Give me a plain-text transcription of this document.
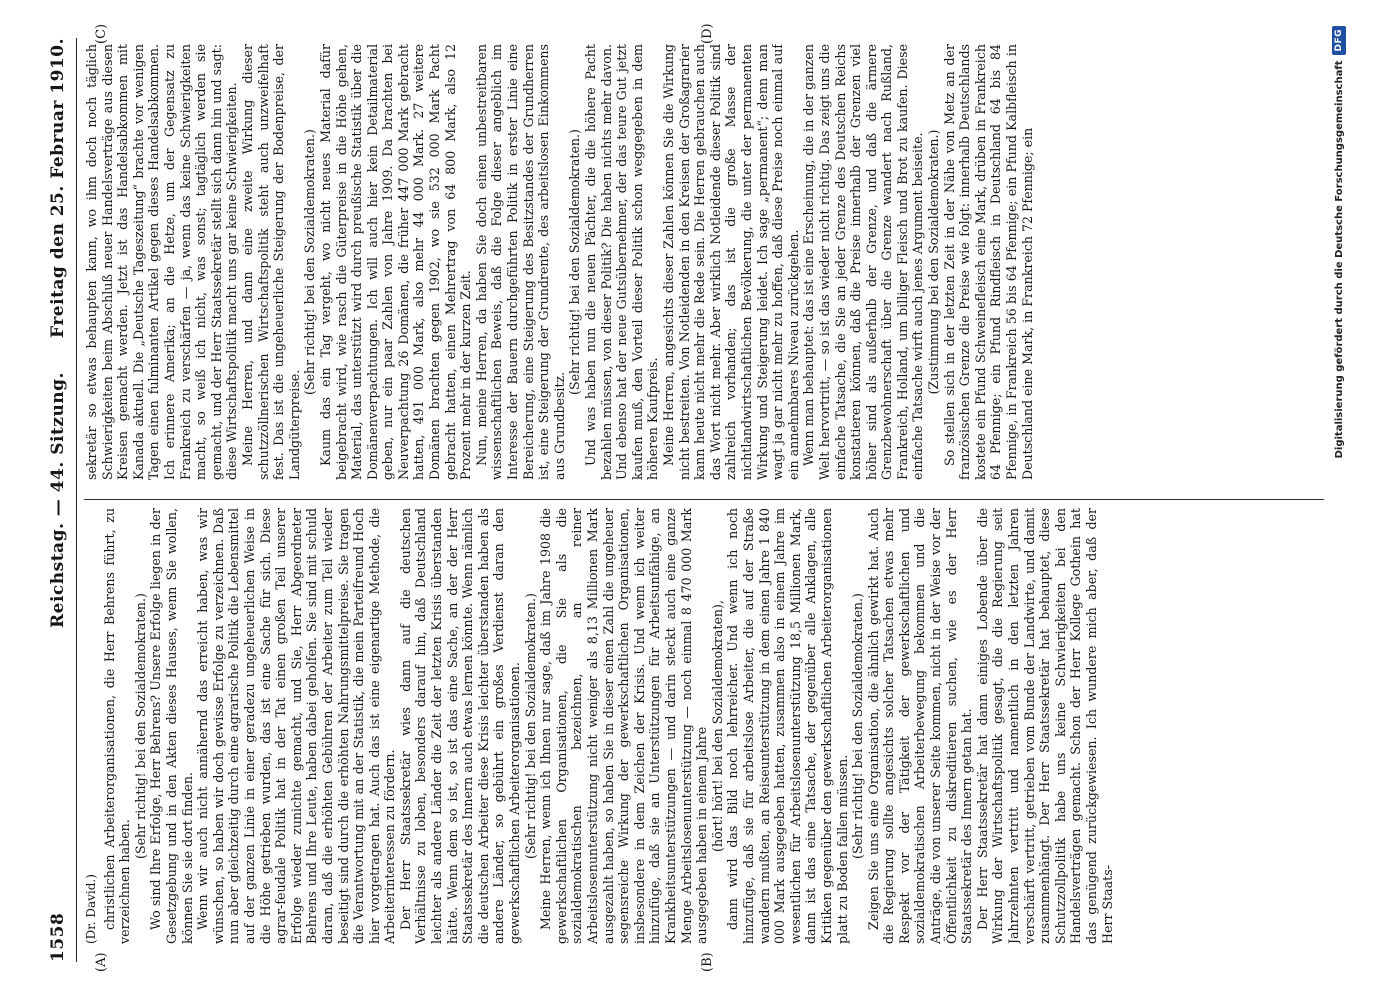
1558
Reichstag. — 44. Sitzung.
Freitag den 25. Februar 1910.
(A)	(B)
(C)	(D)
(Dr. David.) christlichen Arbeiterorganisationen, die Herr Behrens führt, zu verzeichnen haben.

(Sehr richtig! bei den Sozialdemokraten.) Wo sind Ihre Erfolge, Herr Behrens? Unsere Erfolge liegen in der Gesetzgebung und in den Akten dieses Hauses, wenn Sie wollen, können Sie sie dort finden. Wenn wir auch nicht annähernd das erreicht haben, was wir wünschen, so haben wir doch gewisse Erfolge zu verzeichnen. Daß nun aber gleichzeitig durch eine agrarische Politik die Lebensmittel auf der ganzen Linie in einer geradezu ungeheuerlichen Weise in die Höhe getrieben wurden, das ist eine Sache für sich. Diese agrar-feudale Politik hat in der Tat einen großen Teil unserer Erfolge wieder zunichte gemacht, und Sie, Herr Abgeordneter Behrens und Ihre Leute, haben dabei geholfen. Sie sind mit schuld daran, daß die erhöhten Gebühren der Arbeiter zum Teil wieder beseitigt sind durch die erhöhten Nahrungsmittelpreise. Sie tragen die Verantwortung mit an der Statistik, die mein Parteifreund Hoch hier vorgetragen hat. Auch das ist eine eigenartige Methode, die Arbeiterinteressen zu fördern. Der Herr Staatssekretär wies dann auf die deutschen Verhältnisse zu loben, besonders darauf hin, daß Deutschland leichter als andere Länder die Zeit der letzten Krisis überstanden hätte. Wenn dem so ist, so ist das eine Sache, an der der Herr Staatssekretär des Innern auch etwas lernen könnte. Wenn nämlich die deutschen Arbeiter diese Krisis leichter überstanden haben als andere Länder, so gebührt ein großes Verdienst daran den gewerkschaftlichen Arbeiterorganisationen. (Sehr richtig! bei den Sozialdemokraten.) Meine Herren, wenn ich Ihnen nur sage, daß im Jahre 1908 die gewerkschaftlichen Organisationen, die Sie als die sozialdemokratischen bezeichnen, an reiner Arbeitslosenunterstützung nicht weniger als 8,13 Millionen Mark ausgezahlt haben, so haben Sie in dieser einen Zahl die ungeheuer segensreiche Wirkung der gewerkschaftlichen Organisationen, insbesondere in dem Zeichen der Krisis. Und wenn ich weiter hinzufüge, daß sie an Unterstützungen für Arbeitsunfähige, an Krankheitsunterstützungen — und darin steckt auch eine ganze Menge Arbeitslosenunterstützung — noch einmal 8 470 000 Mark ausgegeben haben in einem Jahre (hört! hört! bei den Sozialdemokraten), dann wird das Bild noch lehrreicher. Und wenn ich noch hinzufüge, daß sie für arbeitslose Arbeiter, die auf der Straße wandern mußten, an Reiseunterstützung in dem einen Jahre 1 840 000 Mark ausgegeben hatten, zusammen also in einem Jahre im wesentlichen für Arbeitslosenunterstützung 18,5 Millionen Mark, dann ist das eine Tatsache, der gegenüber alle Anklagen, alle Kritiken gegenüber den gewerkschaftlichen Arbeiterorganisationen platt zu Boden fallen müssen. (Sehr richtig! bei den Sozialdemokraten.) Zeigen Sie uns eine Organisation, die ähnlich gewirkt hat. Auch die Regierung sollte angesichts solcher Tatsachen etwas mehr Respekt vor der Tätigkeit der gewerkschaftlichen und sozialdemokratischen Arbeiterbewegung bekommen und die Anträge, die von unserer Seite kommen, nicht in der Weise vor der Öffentlichkeit zu diskreditieren suchen, wie es der Herr Staatssekretär des Innern getan hat. Der Herr Staatssekretär hat dann einiges Lobende über die Wirkung der Wirtschaftspolitik gesagt, die die Regierung seit Jahrzehnten vertritt und namentlich in den letzten Jahren verschärft vertritt, getrieben vom Bunde der Landwirte, und damit zusammenhängt. Der Herr Staatssekretär hat behauptet, diese Schutzzollpolitik habe uns keine Schwierigkeiten bei den Handelsverträgen gemacht. Schon der Herr Kollege Gothein hat das genügend zurückgewiesen. Ich wundere mich aber, daß der Herr Staats-

sekretär so etwas behaupten kann, wo ihm doch noch täglich Schwierigkeiten beim Abschluß neuer Handelsverträge aus diesen Kreisen gemacht werden. Jetzt ist das Handelsabkommen mit Kanada aktuell. Die „Deutsche Tageszeitung“ brachte vor wenigen Tagen einen fulminanten Artikel gegen dieses Handelsabkommen. Ich erinnere Amerika; an die Hetze, um der Gegensatz zu Frankreich zu verschärfen — ja, wenn das keine Schwierigkeiten macht, so weiß ich nicht, was sonst; tagtäglich werden sie gemacht, und der Herr Staatssekretär stellt sich dann hin und sagt: diese Wirtschaftspolitik macht uns gar keine Schwierigkeiten. Meine Herren, und dann eine zweite Wirkung dieser schutzzöllnerischen Wirtschaftspolitik steht auch unzweifelhaft fest. Das ist die ungeheuerliche Steigerung der Bodenpreise, der Landgüterpreise.

(Sehr richtig! bei den Sozialdemokraten.) Kaum das ein Tag vergeht, wo nicht neues Material dafür beigebracht wird, wie rasch die Güterpreise in die Höhe gehen, Material, das unterstützt wird durch preußische Statistik über die Domänenverpachtungen. Ich will auch hier kein Detailmaterial geben, nur ein paar Zahlen von Jahre 1909. Da brachten bei Neuverpachtung 26 Domänen, die früher 447 000 Mark gebracht hatten, 491 000 Mark, also mehr 44 000 Mark. 27 weitere Domänen brachten gegen 1902, wo sie 532 000 Mark Pacht gebracht hatten, einen Mehrertrag von 64 800 Mark, also 12 Prozent mehr in der kurzen Zeit. Nun, meine Herren, da haben Sie doch einen unbestreitbaren wissenschaftlichen Beweis, daß die Folge dieser angeblich im Interesse der Bauern durchgeführten Politik in erster Linie eine Bereicherung, eine Steigerung des Besitzstandes der Grundherren ist, eine Steigerung der Grundrente, des arbeitslosen Einkommens aus Grundbesitz.

(Sehr richtig! bei den Sozialdemokraten.) Und was haben nun die neuen Pächter, die die höhere Pacht bezahlen müssen, von dieser Politik? Die haben nichts mehr davon. Und ebenso hat der neue Gutsübernehmer, der das teure Gut jetzt kaufen muß, den Vorteil dieser Politik schon weggegeben in dem höheren Kaufpreis. Meine Herren, angesichts dieser Zahlen können Sie die Wirkung nicht bestreiten. Von Notleidenden in den Kreisen der Großagrarier kann heute nicht mehr die Rede sein. Die Herren gebrauchen auch das Wort nicht mehr. Aber wirklich Notleidende dieser Politik sind zahlreich vorhanden; das ist die große Masse der nichtlandwirtschaftlichen Bevölkerung, die unter der permanenten Wirkung und Steigerung leidet. Ich sage „permanent“; denn man wagt ja gar nicht mehr zu hoffen, daß diese Preise noch einmal auf ein annehmbares Niveau zurückgehen. Wenn man behauptet: das ist eine Erscheinung, die in der ganzen Welt hervortritt, — so ist das wieder nicht richtig. Das zeigt uns die einfache Tatsache, die Sie an jeder Grenze des Deutschen Reichs konstatieren können, daß die Preise innerhalb der Grenzen viel höher sind als außerhalb der Grenze, und daß die ärmere Grenzbewohnerschaft über die Grenze wandert nach Rußland, Frankreich, Holland, um billiger Fleisch und Brot zu kaufen. Diese einfache Tatsache wirft auch jenes Argument beiseite. (Zustimmung bei den Sozialdemokraten.) So stellen sich in der letzten Zeit in der Nähe von Metz an der französischen Grenze die Preise wie folgt: innerhalb Deutschlands kostete ein Pfund Schweinefleisch eine Mark, drüben in Frankreich 64 Pfennige; ein Pfund Rindfleisch in Deutschland 64 bis 84 Pfennige, in Frankreich 56 bis 64 Pfennige; ein Pfund Kalbfleisch in Deutschland eine Mark, in Frankreich 72 Pfennige; ein	Digitalisierung gefördert durch die Deutsche Forschungsgemeinschaft
DFG
